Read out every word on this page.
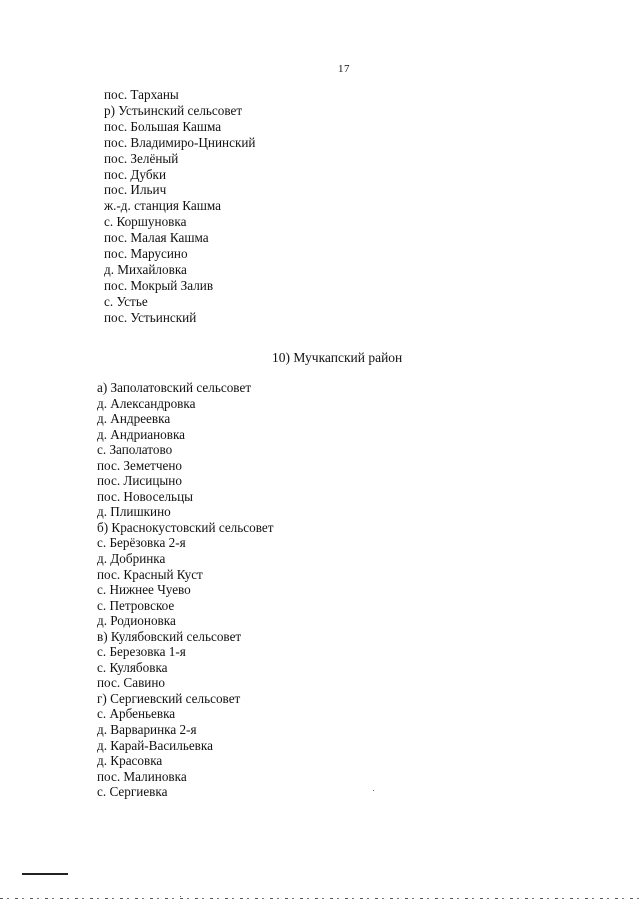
17
пос. Тарханы
р) Устьинский сельсовет
пос. Большая Кашма
пос. Владимиро-Цнинский
пос. Зелёный
пос. Дубки
пос. Ильич
ж.-д. станция Кашма
с. Коршуновка
пос. Малая Кашма
пос. Марусино
д. Михайловка
пос. Мокрый Залив
с. Устье
пос. Устьинский
10) Мучкапский район
а) Заполатовский сельсовет
д. Александровка
д. Андреевка
д. Андриановка
с. Заполатово
пос. Земетчено
пос. Лисицыно
пос. Новосельцы
д. Плишкино
б) Краснокустовский сельсовет
с. Берёзовка 2-я
д. Добринка
пос. Красный Куст
с. Нижнее Чуево
с. Петровское
д. Родионовка
в) Кулябовский сельсовет
с. Березовка 1-я
с. Кулябовка
пос. Савино
г) Сергиевский сельсовет
с. Арбеньевка
д. Варваринка 2-я
д. Карай-Васильевка
д. Красовка
пос. Малиновка
с. Сергиевка
